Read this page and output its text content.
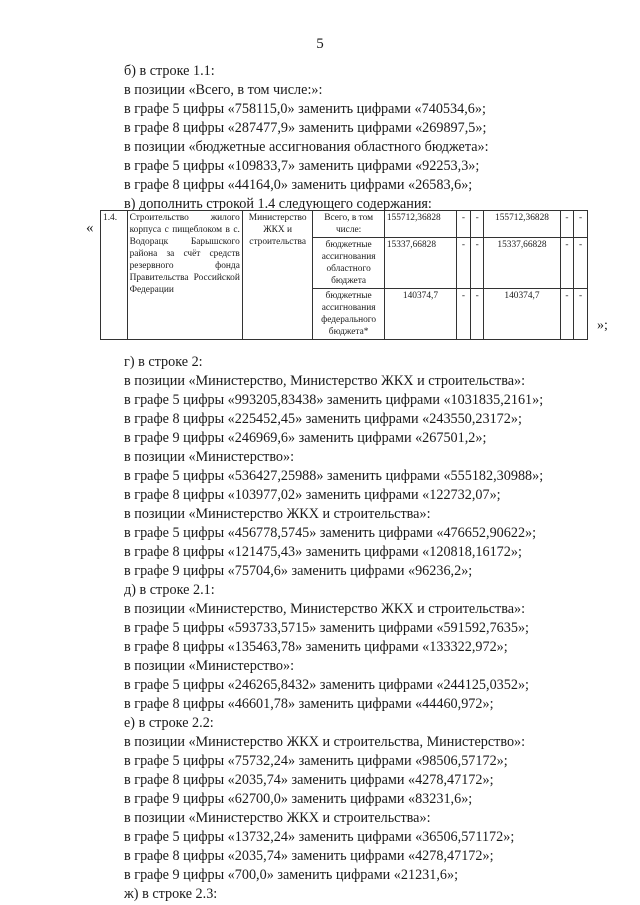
5
б) в строке 1.1:
в позиции «Всего, в том числе:»:
в графе 5 цифры «758115,0» заменить цифрами «740534,6»;
в графе 8 цифры «287477,9» заменить цифрами «269897,5»;
в позиции «бюджетные ассигнования областного бюджета»:
в графе 5 цифры «109833,7» заменить цифрами «92253,3»;
в графе 8 цифры «44164,0» заменить цифрами «26583,6»;
в) дополнить строкой 1.4 следующего содержания:
«
1.4.	Строительство жилого корпуса с пищеблоком в с. Водорацк Барышского района за счёт средств резервного фонда Правительства Российской Федерации	Министерство ЖКХ и строительства	Всего, в том числе:	155712,36828	-	-	155712,36828	-	-
			бюджетные ассигнования областного бюджета	15337,66828	-	-	15337,66828	-	-
			бюджетные ассигнования федерального бюджета*	140374,7	-	-	140374,7	-	-
»;
г) в строке 2:
в позиции «Министерство, Министерство ЖКХ и строительства»:
в графе 5 цифры «993205,83438» заменить цифрами «1031835,2161»;
в графе 8 цифры «225452,45» заменить цифрами «243550,23172»;
в графе 9 цифры «246969,6» заменить цифрами «267501,2»;
в позиции «Министерство»:
в графе 5 цифры «536427,25988» заменить цифрами «555182,30988»;
в графе 8 цифры «103977,02» заменить цифрами «122732,07»;
в позиции «Министерство ЖКХ и строительства»:
в графе 5 цифры «456778,5745» заменить цифрами «476652,90622»;
в графе 8 цифры «121475,43» заменить цифрами «120818,16172»;
в графе 9 цифры «75704,6» заменить цифрами «96236,2»;
д) в строке 2.1:
в позиции «Министерство, Министерство ЖКХ и строительства»:
в графе 5 цифры «593733,5715» заменить цифрами «591592,7635»;
в графе 8 цифры «135463,78» заменить цифрами «133322,972»;
в позиции «Министерство»:
в графе 5 цифры «246265,8432» заменить цифрами «244125,0352»;
в графе 8 цифры «46601,78» заменить цифрами «44460,972»;
е) в строке 2.2:
в позиции «Министерство ЖКХ и строительства, Министерство»:
в графе 5 цифры «75732,24» заменить цифрами «98506,57172»;
в графе 8 цифры «2035,74» заменить цифрами «4278,47172»;
в графе 9 цифры «62700,0» заменить цифрами «83231,6»;
в позиции «Министерство ЖКХ и строительства»:
в графе 5 цифры «13732,24» заменить цифрами «36506,571172»;
в графе 8 цифры «2035,74» заменить цифрами «4278,47172»;
в графе 9 цифры «700,0» заменить цифрами «21231,6»;
ж) в строке 2.3:
